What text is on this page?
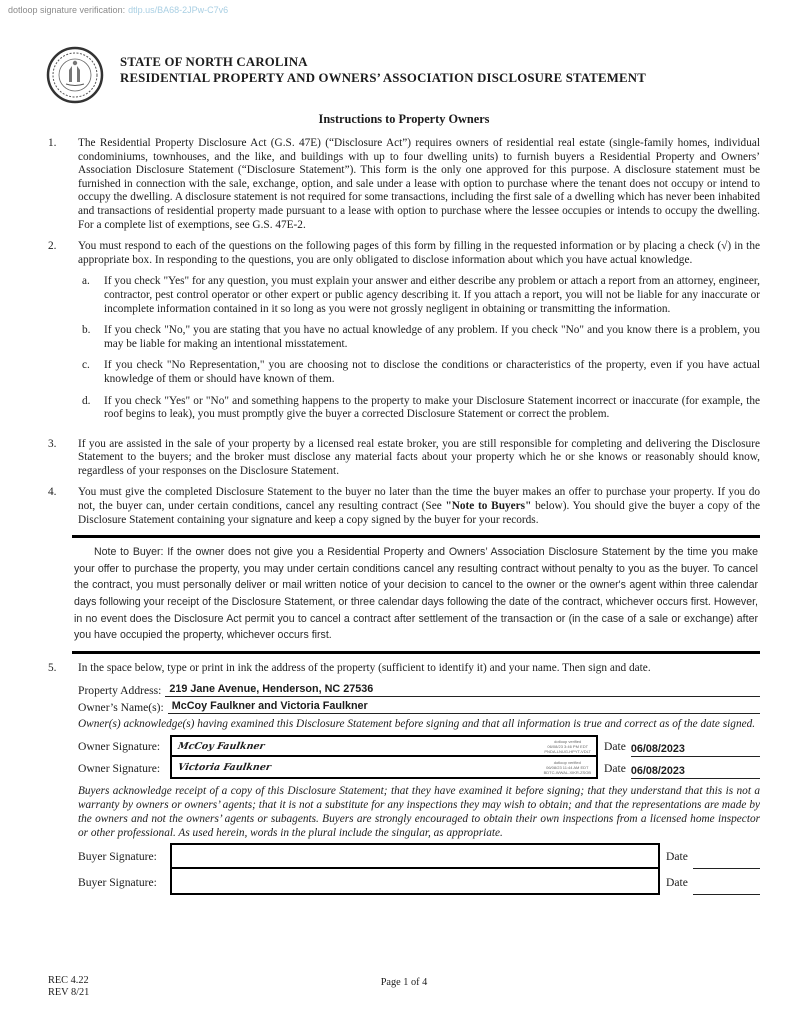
dotloop signature verification: dtlp.us/BA68-2JPw-C7v6
STATE OF NORTH CAROLINA
RESIDENTIAL PROPERTY AND OWNERS’ ASSOCIATION DISCLOSURE STATEMENT
Instructions to Property Owners
1.	The Residential Property Disclosure Act (G.S. 47E) (“Disclosure Act”) requires owners of residential real estate (single-family homes, individual condominiums, townhouses, and the like, and buildings with up to four dwelling units) to furnish buyers a Residential Property and Owners’ Association Disclosure Statement (“Disclosure Statement”). This form is the only one approved for this purpose. A disclosure statement must be furnished in connection with the sale, exchange, option, and sale under a lease with option to purchase where the tenant does not occupy or intend to occupy the dwelling. A disclosure statement is not required for some transactions, including the first sale of a dwelling which has never been inhabited and transactions of residential property made pursuant to a lease with option to purchase where the lessee occupies or intends to occupy the dwelling. For a complete list of exemptions, see G.S. 47E-2.
2.	You must respond to each of the questions on the following pages of this form by filling in the requested information or by placing a check (√) in the appropriate box. In responding to the questions, you are only obligated to disclose information about which you have actual knowledge.
a.	If you check "Yes" for any question, you must explain your answer and either describe any problem or attach a report from an attorney, engineer, contractor, pest control operator or other expert or public agency describing it. If you attach a report, you will not be liable for any inaccurate or incomplete information contained in it so long as you were not grossly negligent in obtaining or transmitting the information.
b.	If you check "No," you are stating that you have no actual knowledge of any problem. If you check "No" and you know there is a problem, you may be liable for making an intentional misstatement.
c.	If you check "No Representation," you are choosing not to disclose the conditions or characteristics of the property, even if you have actual knowledge of them or should have known of them.
d.	If you check "Yes" or "No" and something happens to the property to make your Disclosure Statement incorrect or inaccurate (for example, the roof begins to leak), you must promptly give the buyer a corrected Disclosure Statement or correct the problem.
3.	If you are assisted in the sale of your property by a licensed real estate broker, you are still responsible for completing and delivering the Disclosure Statement to the buyers; and the broker must disclose any material facts about your property which he or she knows or reasonably should know, regardless of your responses on the Disclosure Statement.
4.	You must give the completed Disclosure Statement to the buyer no later than the time the buyer makes an offer to purchase your property. If you do not, the buyer can, under certain conditions, cancel any resulting contract (See "Note to Buyers" below). You should give the buyer a copy of the Disclosure Statement containing your signature and keep a copy signed by the buyer for your records.
Note to Buyer: If the owner does not give you a Residential Property and Owners’ Association Disclosure Statement by the time you make your offer to purchase the property, you may under certain conditions cancel any resulting contract without penalty to you as the buyer. To cancel the contract, you must personally deliver or mail written notice of your decision to cancel to the owner or the owner's agent within three calendar days following your receipt of the Disclosure Statement, or three calendar days following the date of the contract, whichever occurs first. However, in no event does the Disclosure Act permit you to cancel a contract after settlement of the transaction or (in the case of a sale or exchange) after you have occupied the property, whichever occurs first.
5.	In the space below, type or print in ink the address of the property (sufficient to identify it) and your name. Then sign and date.
Property Address: 219 Jane Avenue, Henderson, NC 27536
Owner’s Name(s): McCoy Faulkner and Victoria Faulkner
Owner(s) acknowledge(s) having examined this Disclosure Statement before signing and that all information is true and correct as of the date signed.
Owner Signature:	McCoy Faulkner	dotloop verified
06/08/23 3:46 PM EDT
PNDA-LNUG-HPYT-VDLT Date 06/08/2023
Owner Signature:	Victoria Faulkner	dotloop verified
06/08/23 11:44 AM EDT
BDTC-WWAL-XIKR-ZSOB Date 06/08/2023
Buyers acknowledge receipt of a copy of this Disclosure Statement; that they have examined it before signing; that they understand that this is not a warranty by owners or owners’ agents; that it is not a substitute for any inspections they may wish to obtain; and that the representations are made by the owners and not the owners’ agents or subagents. Buyers are strongly encouraged to obtain their own inspections from a licensed home inspector or other professional. As used herein, words in the plural include the singular, as appropriate.
Buyer Signature:	Date
Buyer Signature:	Date
REC 4.22
REV 8/21
Page 1 of 4
